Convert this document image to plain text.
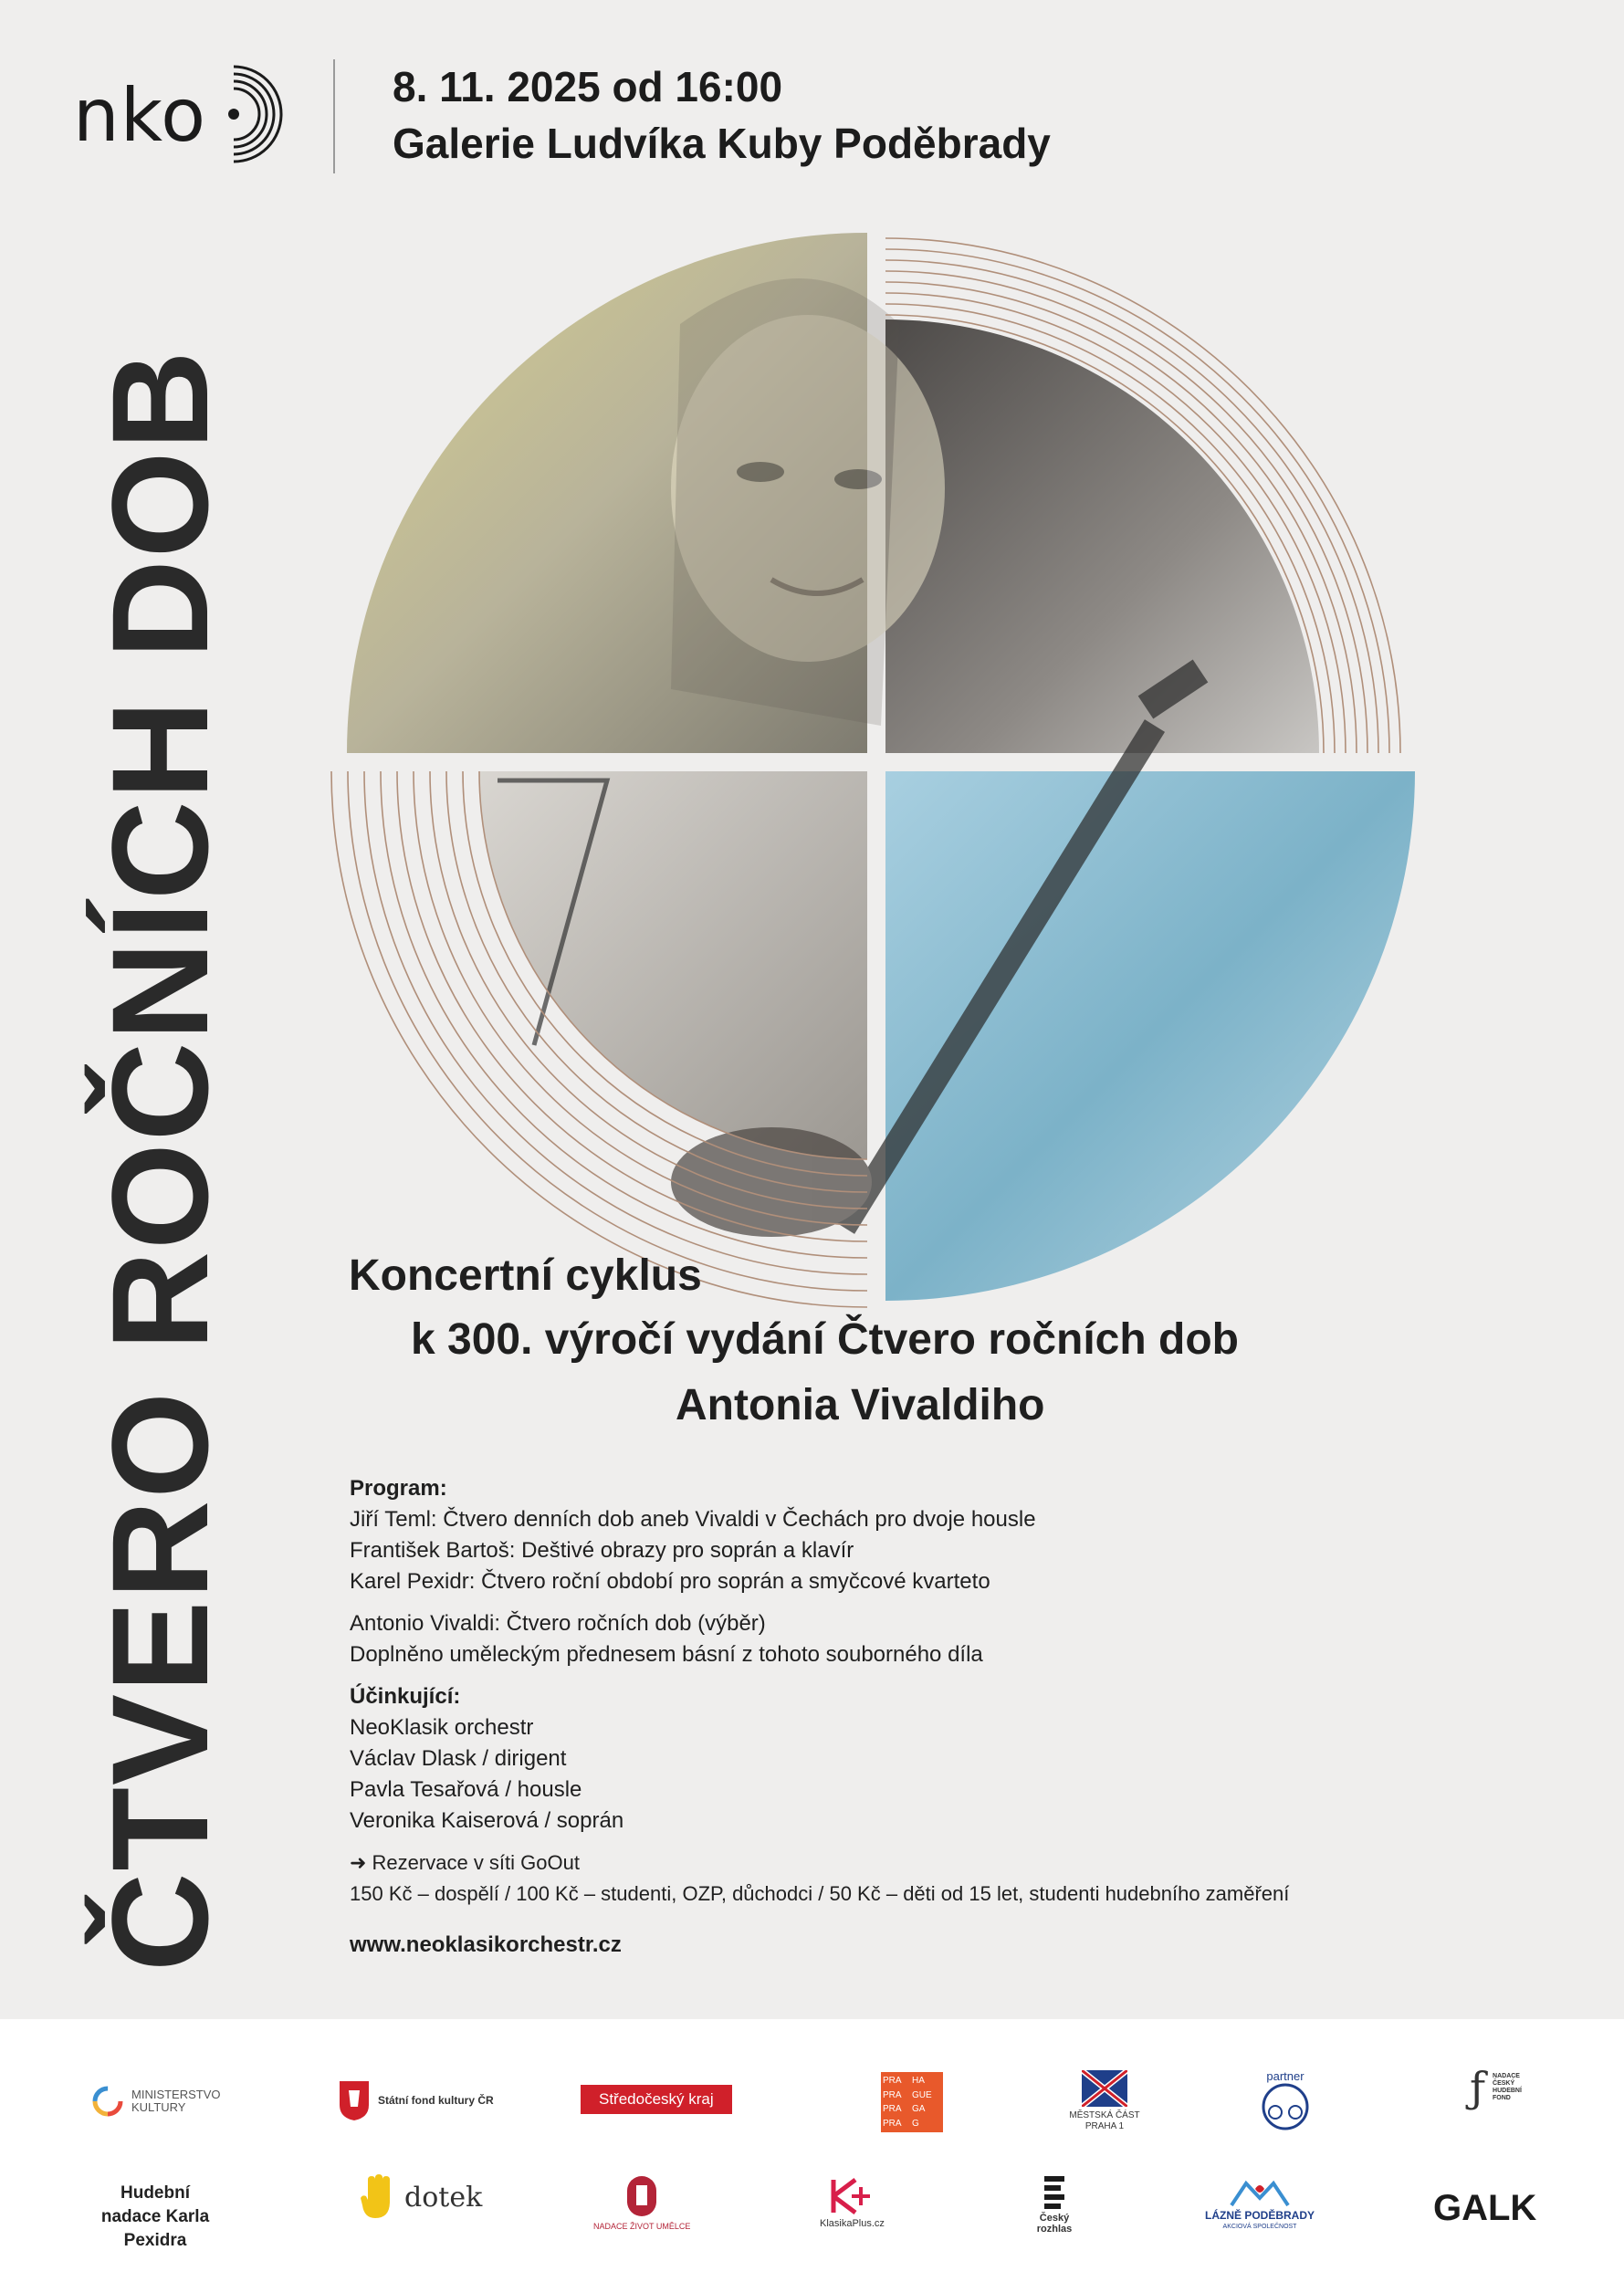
nko	8. 11. 2025 od 16:00
Galerie Ludvíka Kuby Poděbrady
ČTVERO ROČNÍCH DOB	Koncertní cyklus
k 300. výročí vydání Čtvero ročních dob
Antonia Vivaldiho
Program:
Jiří Teml: Čtvero denních dob aneb Vivaldi v Čechách pro dvoje housle
František Bartoš: Deštivé obrazy pro soprán a klavír
Karel Pexidr: Čtvero roční období pro soprán a smyčcové kvarteto
Antonio Vivaldi: Čtvero ročních dob (výběr)
Doplněno uměleckým přednesem básní z tohoto souborného díla
Účinkující:
NeoKlasik orchestr
Václav Dlask / dirigent
Pavla Tesařová / housle
Veronika Kaiserová / soprán
➜ Rezervace v síti GoOut
150 Kč – dospělí / 100 Kč – studenti, OZP, důchodci / 50 Kč – děti od 15 let, studenti hudebního zaměření
www.neoklasikorchestr.cz
MINISTERSTVO KULTURY	Státní fond kultury ČR	Středočeský kraj
PRA	HA
PRA	GUE
PRA	GA
PRA	G
MĚSTSKÁ ČÁST PRAHA 1
partner	ƒ NADACE ČESKÝ HUDEBNÍ FOND
Hudební nadace Karla Pexidra
dotek
NADACE ŽIVOT UMĚLCE	KlasikaPlus.cz	Český rozhlas
LÁZNĚ PODĚBRADY
AKCIOVÁ SPOLEČNOST	GALK
